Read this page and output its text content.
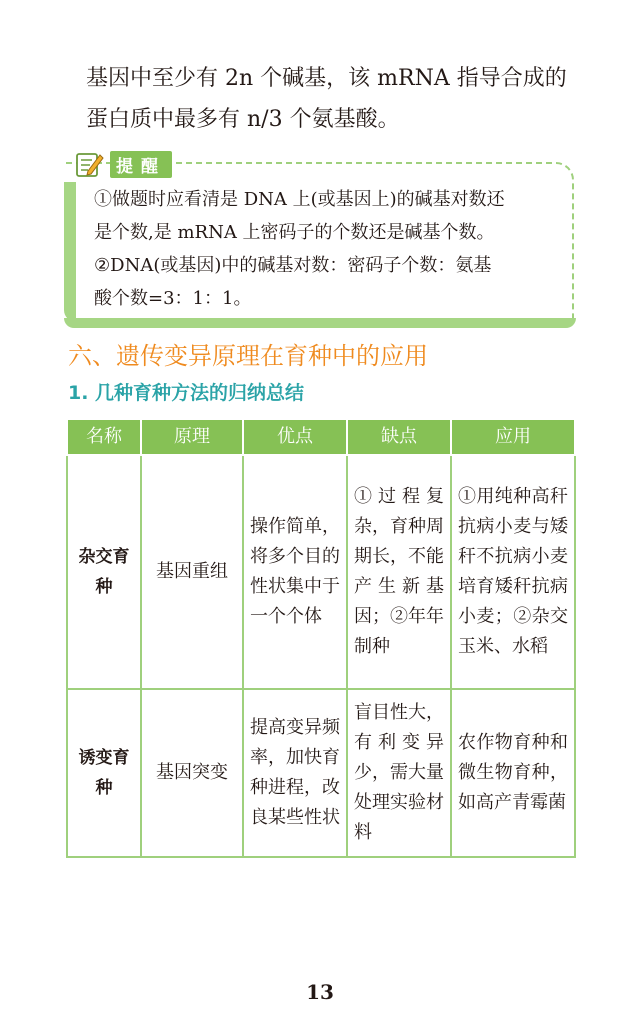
基因中至少有 2n 个碱基，该 mRNA 指导合成的

蛋白质中最多有 n/3 个氨基酸。

提醒

①做题时应看清是 DNA 上(或基因上)的碱基对数还

是个数,是 mRNA 上密码子的个数还是碱基个数。

②DNA(或基因)中的碱基对数：密码子个数：氨基

酸个数=3：1：1。

六、遗传变异原理在育种中的应用
1. 几种育种方法的归纳总结
名称	原理	优点	缺点	应用
杂交育种	基因重组	操作简单，将多个目的性状集中于一个个体	①过程复杂，育种周期长，不能产生新基因；②年年制种	①用纯种高秆抗病小麦与矮秆不抗病小麦培育矮秆抗病小麦；②杂交玉米、水稻
诱变育种	基因突变	提高变异频率，加快育种进程，改良某些性状	盲目性大，有利变异少，需大量处理实验材料	农作物育种和微生物育种，如高产青霉菌
13
